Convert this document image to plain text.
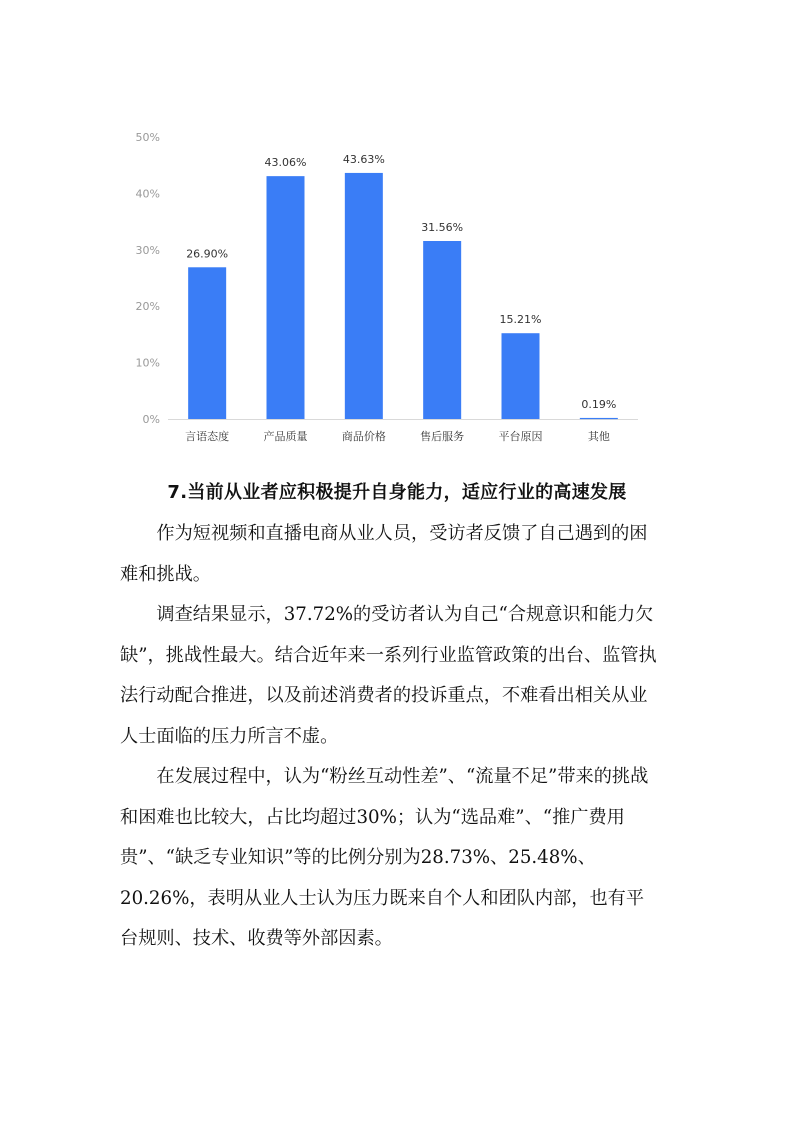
0%
10%
20%
30%
40%
50%
26.90%
言语态度
43.06%
产品质量
43.63%
商品价格
31.56%
售后服务
15.21%
平台原因
0.19%
其他
7.当前从业者应积极提升自身能力，适应行业的高速发展

作为短视频和直播电商从业人员，受访者反馈了自己遇到的困难和挑战。

调查结果显示，37.72%的受访者认为自己“合规意识和能力欠缺”，挑战性最大。结合近年来一系列行业监管政策的出台、监管执法行动配合推进，以及前述消费者的投诉重点，不难看出相关从业人士面临的压力所言不虚。

在发展过程中，认为“粉丝互动性差”、“流量不足”带来的挑战和困难也比较大，占比均超过30%；认为“选品难”、“推广费用贵”、“缺乏专业知识”等的比例分别为28.73%、25.48%、20.26%，表明从业人士认为压力既来自个人和团队内部，也有平台规则、技术、收费等外部因素。
